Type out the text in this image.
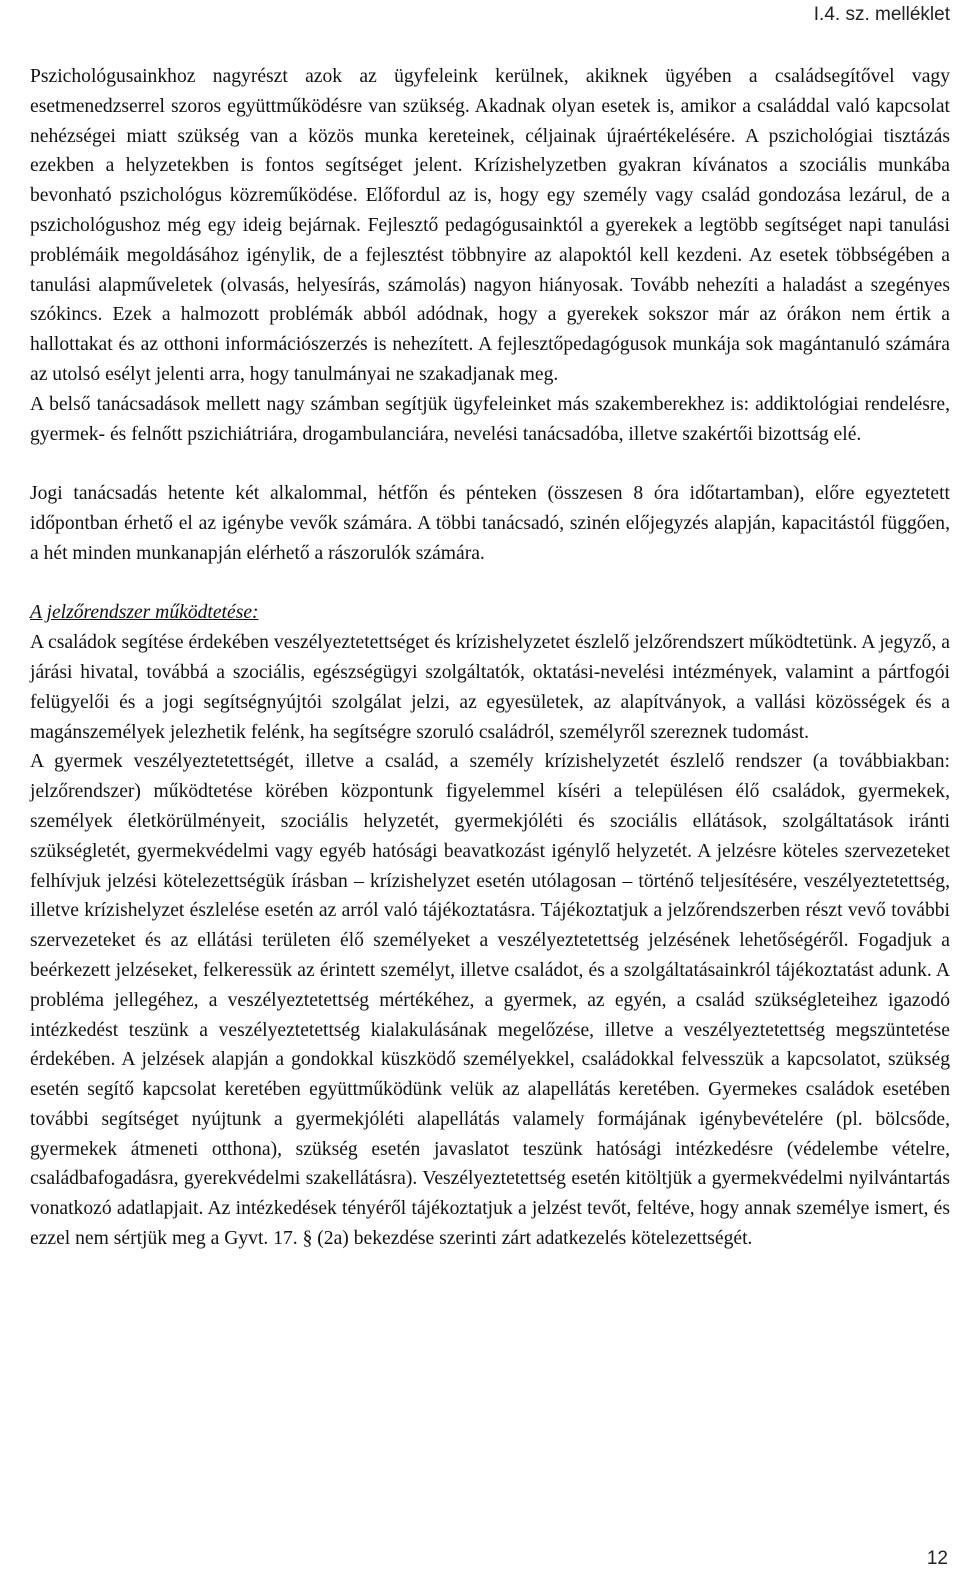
I.4. sz. melléklet

Pszichológusainkhoz nagyrészt azok az ügyfeleink kerülnek, akiknek ügyében a családsegítővel vagy esetmenedzserrel szoros együttműködésre van szükség. Akadnak olyan esetek is, amikor a családdal való kapcsolat nehézségei miatt szükség van a közös munka kereteinek, céljainak újraértékelésére. A pszichológiai tisztázás ezekben a helyzetekben is fontos segítséget jelent. Krízishelyzetben gyakran kívánatos a szociális munkába bevonható pszichológus közreműködése. Előfordul az is, hogy egy személy vagy család gondozása lezárul, de a pszichológushoz még egy ideig bejárnak. Fejlesztő pedagógusainktól a gyerekek a legtöbb segítséget napi tanulási problémáik megoldásához igénylik, de a fejlesztést többnyire az alapoktól kell kezdeni. Az esetek többségében a tanulási alapműveletek (olvasás, helyesírás, számolás) nagyon hiányosak. Tovább nehezíti a haladást a szegényes szókincs. Ezek a halmozott problémák abból adódnak, hogy a gyerekek sokszor már az órákon nem értik a hallottakat és az otthoni információszerzés is nehezített. A fejlesztőpedagógusok munkája sok magántanuló számára az utolsó esélyt jelenti arra, hogy tanulmányai ne szakadjanak meg.

A belső tanácsadások mellett nagy számban segítjük ügyfeleinket más szakemberekhez is: addiktológiai rendelésre, gyermek- és felnőtt pszichiátriára, drogambulanciára, nevelési tanácsadóba, illetve szakértői bizottság elé.

Jogi tanácsadás hetente két alkalommal, hétfőn és pénteken (összesen 8 óra időtartamban), előre egyeztetett időpontban érhető el az igénybe vevők számára. A többi tanácsadó, szinén előjegyzés alapján, kapacitástól függően, a hét minden munkanapján elérhető a rászorulók számára.

A jelzőrendszer működtetése:

A családok segítése érdekében veszélyeztetettséget és krízishelyzetet észlelő jelzőrendszert működtetünk. A jegyző, a járási hivatal, továbbá a szociális, egészségügyi szolgáltatók, oktatási-nevelési intézmények, valamint a pártfogói felügyelői és a jogi segítségnyújtói szolgálat jelzi, az egyesületek, az alapítványok, a vallási közösségek és a magánszemélyek jelezhetik felénk, ha segítségre szoruló családról, személyről szereznek tudomást.

A gyermek veszélyeztetettségét, illetve a család, a személy krízishelyzetét észlelő rendszer (a továbbiakban: jelzőrendszer) működtetése körében központunk figyelemmel kíséri a településen élő családok, gyermekek, személyek életkörülményeit, szociális helyzetét, gyermekjóléti és szociális ellátások, szolgáltatások iránti szükségletét, gyermekvédelmi vagy egyéb hatósági beavatkozást igénylő helyzetét. A jelzésre köteles szervezeteket felhívjuk jelzési kötelezettségük írásban – krízishelyzet esetén utólagosan – történő teljesítésére, veszélyeztetettség, illetve krízishelyzet észlelése esetén az arról való tájékoztatásra. Tájékoztatjuk a jelzőrendszerben részt vevő további szervezeteket és az ellátási területen élő személyeket a veszélyeztetettség jelzésének lehetőségéről. Fogadjuk a beérkezett jelzéseket, felkeressük az érintett személyt, illetve családot, és a szolgáltatásainkról tájékoztatást adunk. A probléma jellegéhez, a veszélyeztetettség mértékéhez, a gyermek, az egyén, a család szükségleteihez igazodó intézkedést teszünk a veszélyeztetettség kialakulásának megelőzése, illetve a veszélyeztetettség megszüntetése érdekében. A jelzések alapján a gondokkal küszködő személyekkel, családokkal felvesszük a kapcsolatot, szükség esetén segítő kapcsolat keretében együttműködünk velük az alapellátás keretében. Gyermekes családok esetében további segítséget nyújtunk a gyermekjóléti alapellátás valamely formájának igénybevételére (pl. bölcsőde, gyermekek átmeneti otthona), szükség esetén javaslatot teszünk hatósági intézkedésre (védelembe vételre, családbafogadásra, gyerekvédelmi szakellátásra). Veszélyeztetettség esetén kitöltjük a gyermekvédelmi nyilvántartás vonatkozó adatlapjait. Az intézkedések tényéről tájékoztatjuk a jelzést tevőt, feltéve, hogy annak személye ismert, és ezzel nem sértjük meg a Gyvt. 17. § (2a) bekezdése szerinti zárt adatkezelés kötelezettségét.

12
